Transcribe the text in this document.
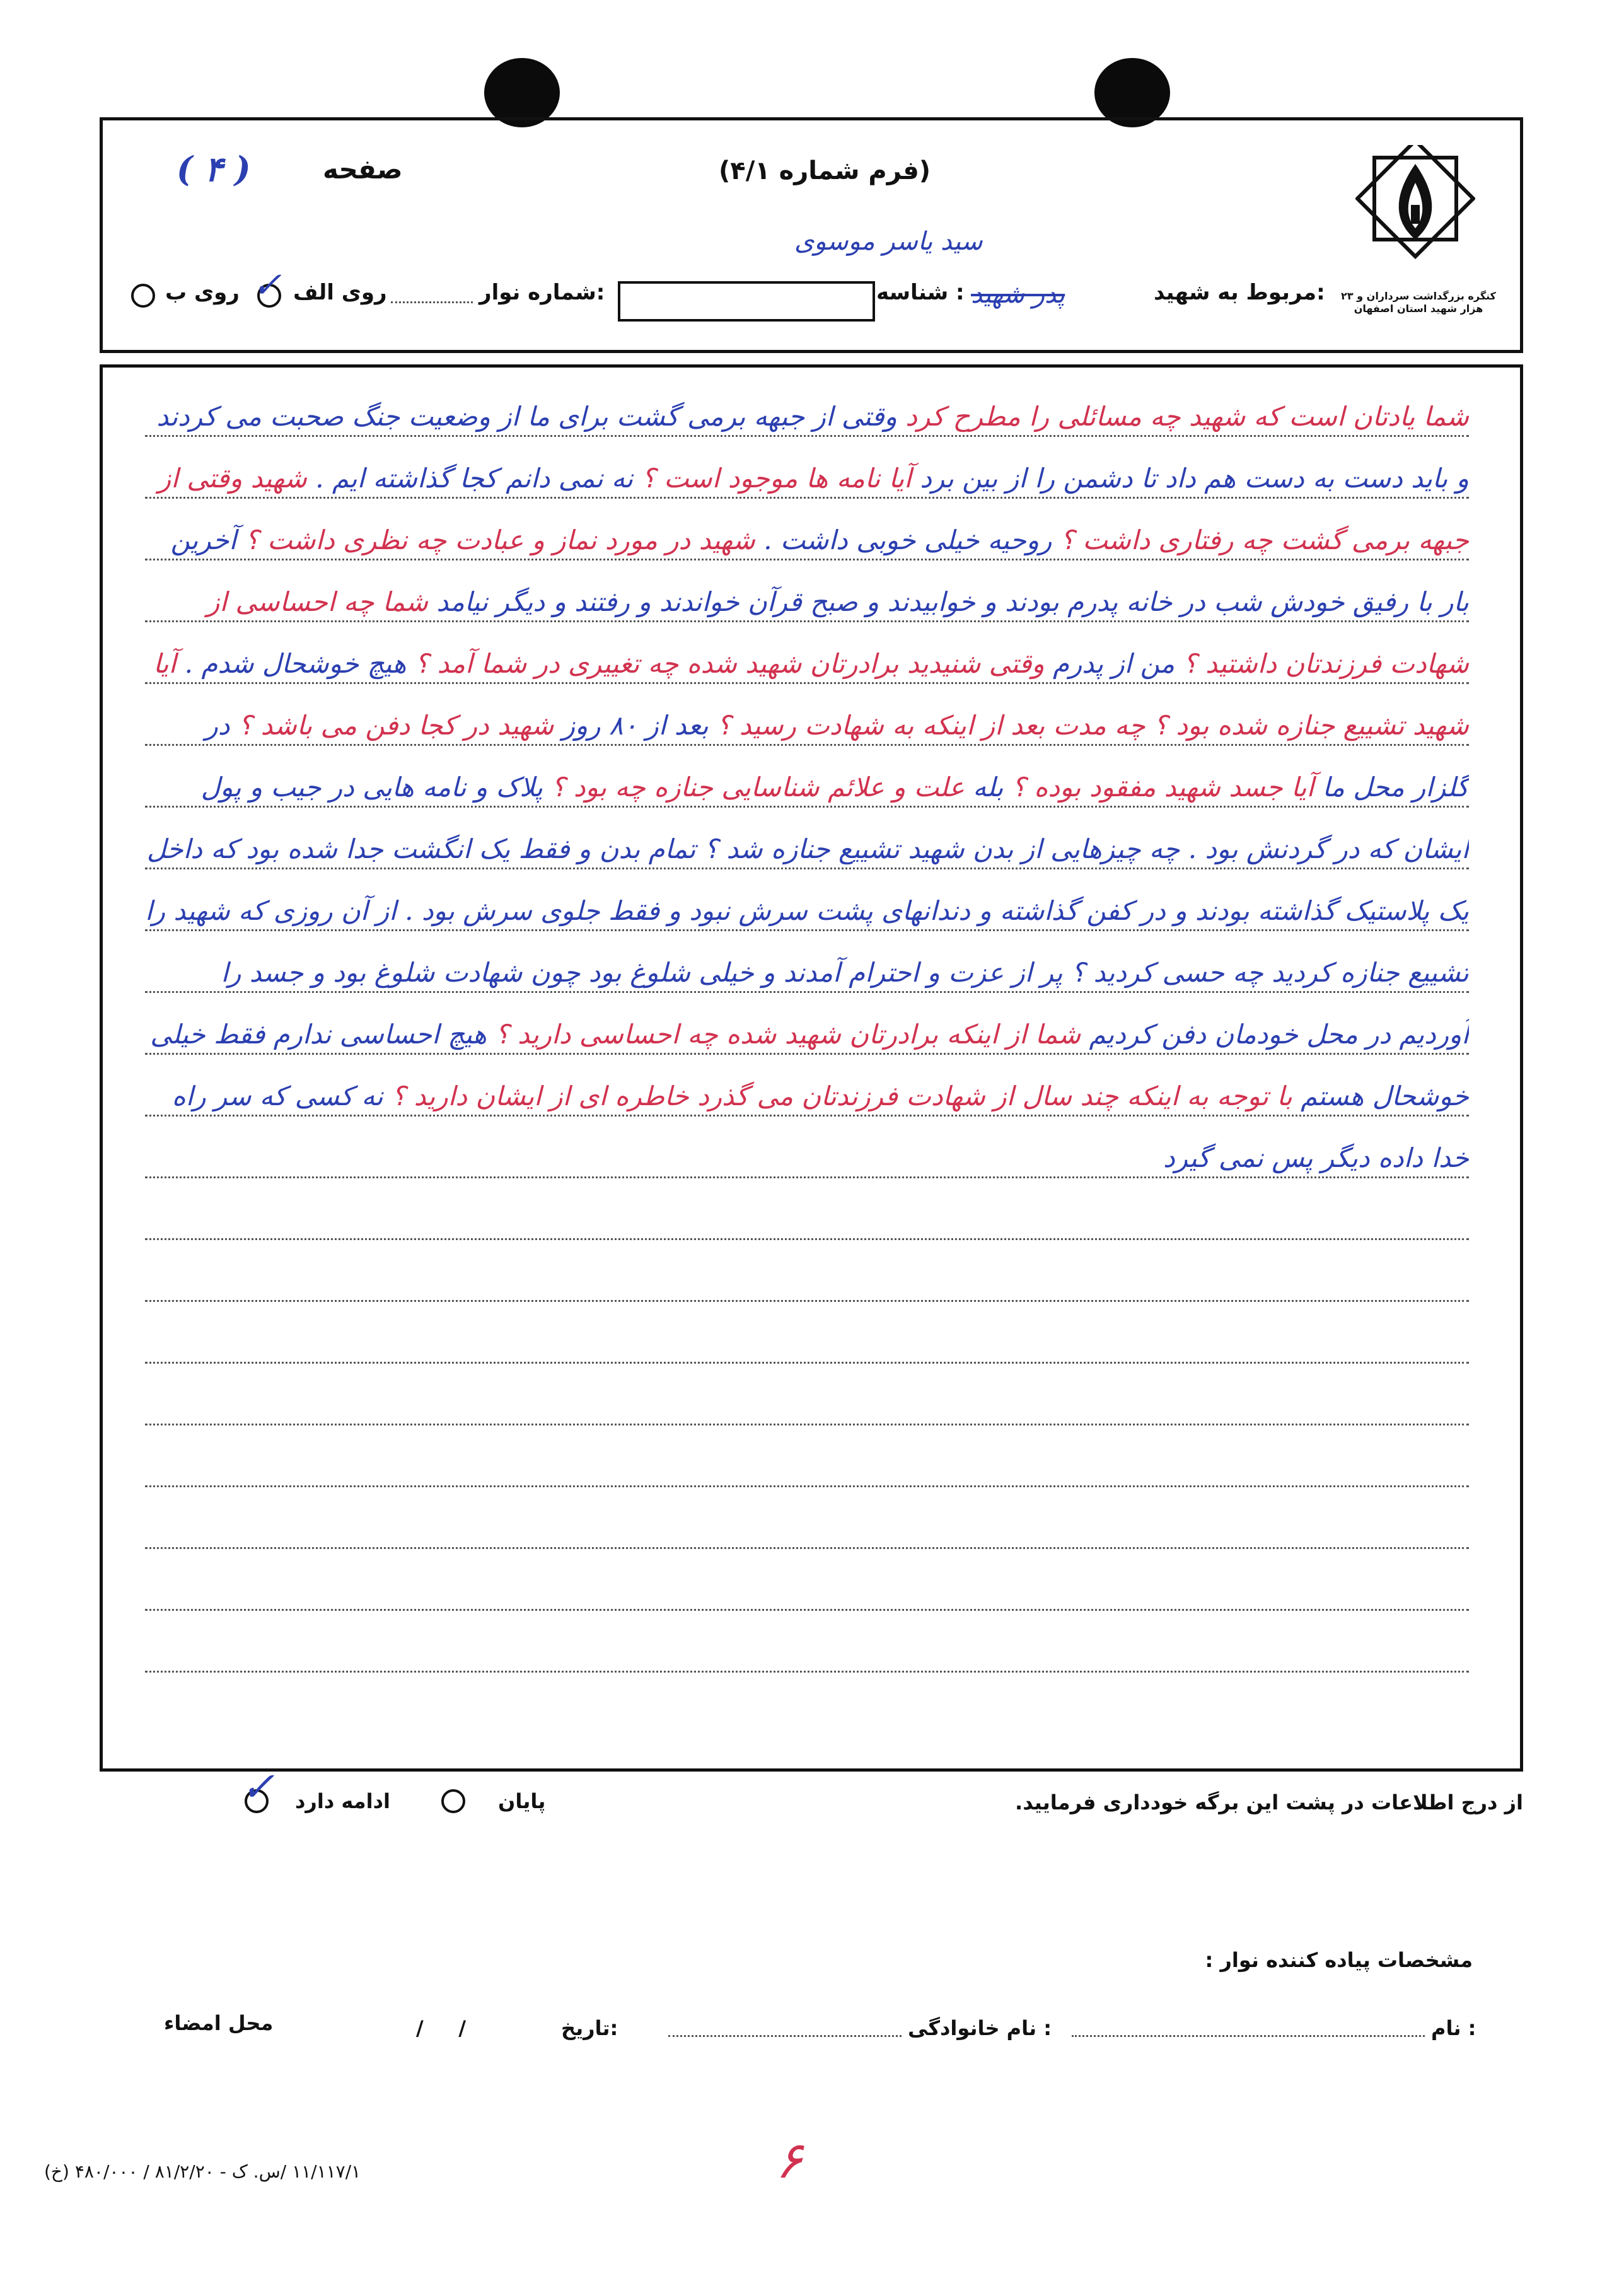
( ۴ )	صفحه	(فرم شماره ۴/۱)
کنگره بزرگداشت سرداران و ۲۳ هزار شهید استان اصفهان
مربوط به شهید:
پدر شهید
سید یاسر موسوی
شناسه :
شماره نوار:
روی الف
✓
روی ب
شما یادتان است که شهید چه مسائلی را مطرح کرد وقتی از جبهه برمی گشت برای ما از وضعیت جنگ صحبت می کردند و باید دست به دست هم داد تا دشمن را از بین برد آیا نامه ها موجود است ؟ نه نمی دانم کجا گذاشته ایم . شهید وقتی از جبهه برمی گشت چه رفتاری داشت ؟ روحیه خیلی خوبی داشت . شهید در مورد نماز و عبادت چه نظری داشت ؟ آخرین بار با رفیق خودش شب در خانه پدرم بودند و خوابیدند و صبح قرآن خواندند و رفتند و دیگر نیامد شما چه احساسی از شهادت فرزندتان داشتید ؟ من از پدرم وقتی شنیدید برادرتان شهید شده چه تغییری در شما آمد ؟ هیچ خوشحال شدم . آیا شهید تشییع جنازه شده بود ؟ چه مدت بعد از اینکه به شهادت رسید ؟ بعد از ۸۰ روز شهید در کجا دفن می باشد ؟ در گلزار محل ما آیا جسد شهید مفقود بوده ؟ بله علت و علائم شناسایی جنازه چه بود ؟ پلاک و نامه هایی در جیب و پول ایشان که در گردنش بود . چه چیزهایی از بدن شهید تشییع جنازه شد ؟ تمام بدن و فقط یک انگشت جدا شده بود که داخل یک پلاستیک گذاشته بودند و در کفن گذاشته و دندانهای پشت سرش نبود و فقط جلوی سرش بود . از آن روزی که شهید را تشییع جنازه کردید چه حسی کردید ؟ پر از عزت و احترام آمدند و خیلی شلوغ بود چون شهادت شلوغ بود و جسد را آوردیم در محل خودمان دفن کردیم شما از اینکه برادرتان شهید شده چه احساسی دارید ؟ هیچ احساسی ندارم فقط خیلی خوشحال هستم با توجه به اینکه چند سال از شهادت فرزندتان می گذرد خاطره ای از ایشان دارید ؟ نه کسی که سر راه خدا داده دیگر پس نمی گیرد
از درج اطلاعات در پشت این برگه خودداری فرمایید.
پایان
ادامه دارد
✓
مشخصات پیاده کننده نوار :
نام :
نام خانوادگی :
تاریخ:
/     /
محل امضاء
۱۱/۱۱۷/۱ /س. ک - ۸۱/۲/۲۰ / ۴۸۰/۰۰۰ (خ)	۶
